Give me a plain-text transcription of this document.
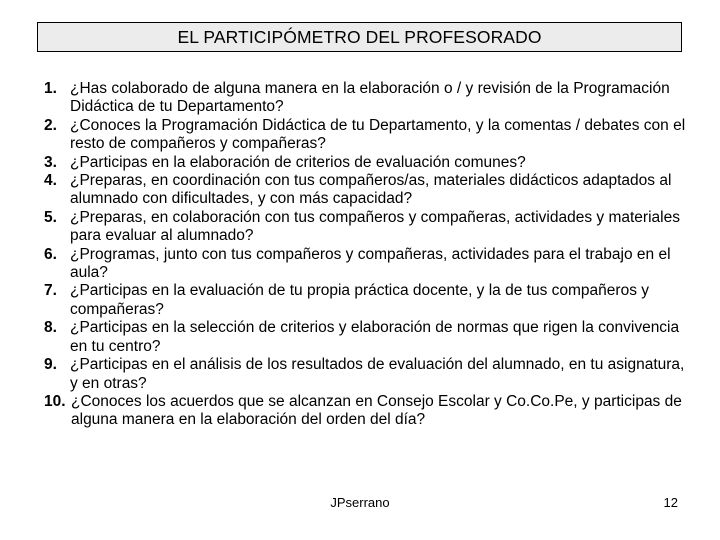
EL PARTICIPÓMETRO DEL PROFESORADO
1. ¿Has colaborado de alguna manera en la elaboración o / y revisión de la Programación Didáctica de tu Departamento?
2. ¿Conoces la Programación Didáctica de tu Departamento, y la comentas / debates con el resto de compañeros y compañeras?
3. ¿Participas en la elaboración de criterios de evaluación comunes?
4. ¿Preparas, en coordinación con tus compañeros/as, materiales didácticos adaptados al alumnado con dificultades, y con más capacidad?
5. ¿Preparas, en colaboración con tus compañeros y compañeras, actividades y materiales para evaluar al alumnado?
6. ¿Programas, junto con tus compañeros y compañeras, actividades para el trabajo en el aula?
7. ¿Participas en la evaluación de tu propia práctica docente, y la de tus compañeros y compañeras?
8. ¿Participas en la selección de criterios y elaboración de normas que rigen la convivencia en tu centro?
9. ¿Participas en el análisis de los resultados de evaluación del alumnado, en tu asignatura, y en otras?
10. ¿Conoces los acuerdos que se alcanzan en Consejo Escolar y Co.Co.Pe, y participas de alguna manera en la elaboración del orden del día?
JPserrano	12
